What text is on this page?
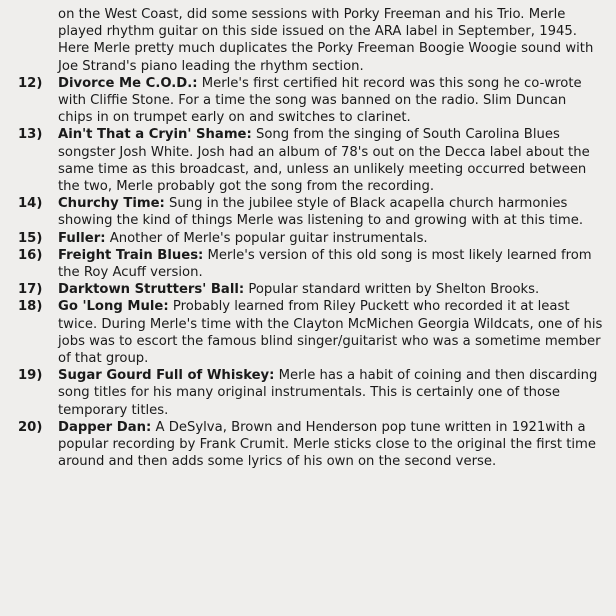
on the West Coast, did some sessions with Porky Freeman and his Trio. Merle played rhythm guitar on this side issued on the ARA label in September, 1945. Here Merle pretty much duplicates the Porky Freeman Boogie Woogie sound with Joe Strand's piano leading the rhythm section.

12)	Divorce Me C.O.D.: Merle's first certified hit record was this song he co-wrote with Cliffie Stone. For a time the song was banned on the radio. Slim Duncan chips in on trumpet early on and switches to clarinet.

13)	Ain't That a Cryin' Shame: Song from the singing of South Carolina Blues songster Josh White. Josh had an album of 78's out on the Decca label about the same time as this broadcast, and, unless an unlikely meeting occurred between the two, Merle probably got the song from the recording.

14)	Churchy Time: Sung in the jubilee style of Black acapella church harmonies showing the kind of things Merle was listening to and growing with at this time.

15)	Fuller: Another of Merle's popular guitar instrumentals.

16)	Freight Train Blues: Merle's version of this old song is most likely learned from the Roy Acuff version.

17)	Darktown Strutters' Ball: Popular standard written by Shelton Brooks.

18)	Go 'Long Mule: Probably learned from Riley Puckett who recorded it at least twice. During Merle's time with the Clayton McMichen Georgia Wildcats, one of his jobs was to escort the famous blind singer/guitarist who was a sometime member of that group.

19)	Sugar Gourd Full of Whiskey: Merle has a habit of coining and then discarding song titles for his many original instrumentals. This is certainly one of those temporary titles.

20)	Dapper Dan: A DeSylva, Brown and Henderson pop tune written in 1921with a popular recording by Frank Crumit. Merle sticks close to the original the first time around and then adds some lyrics of his own on the second verse.
